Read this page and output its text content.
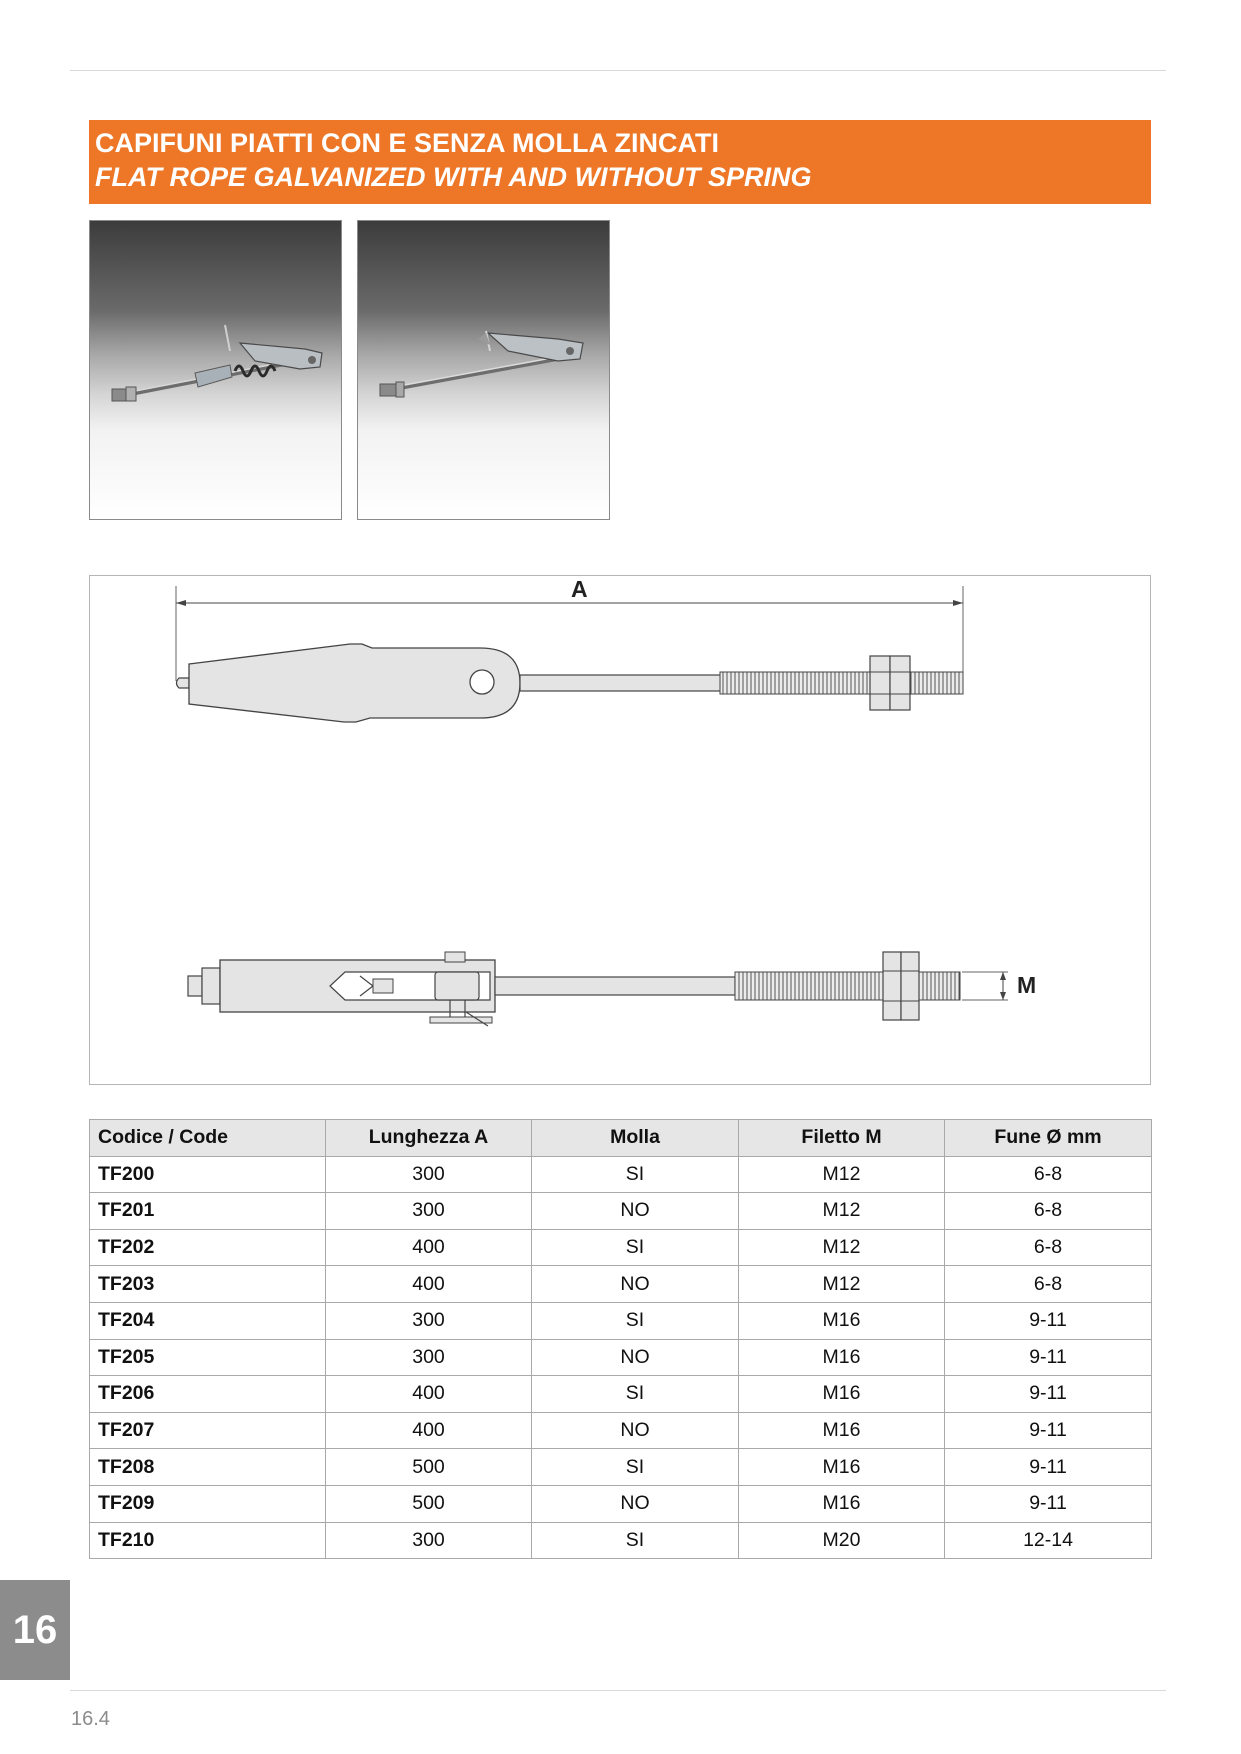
CAPIFUNI PIATTI CON E SENZA MOLLA ZINCATI
FLAT ROPE GALVANIZED WITH AND WITHOUT SPRING
A
M
Codice / Code	Lunghezza A	Molla	Filetto M	Fune Ø mm
TF200	300	SI	M12	6-8
TF201	300	NO	M12	6-8
TF202	400	SI	M12	6-8
TF203	400	NO	M12	6-8
TF204	300	SI	M16	9-11
TF205	300	NO	M16	9-11
TF206	400	SI	M16	9-11
TF207	400	NO	M16	9-11
TF208	500	SI	M16	9-11
TF209	500	NO	M16	9-11
TF210	300	SI	M20	12-14
16
16.4
